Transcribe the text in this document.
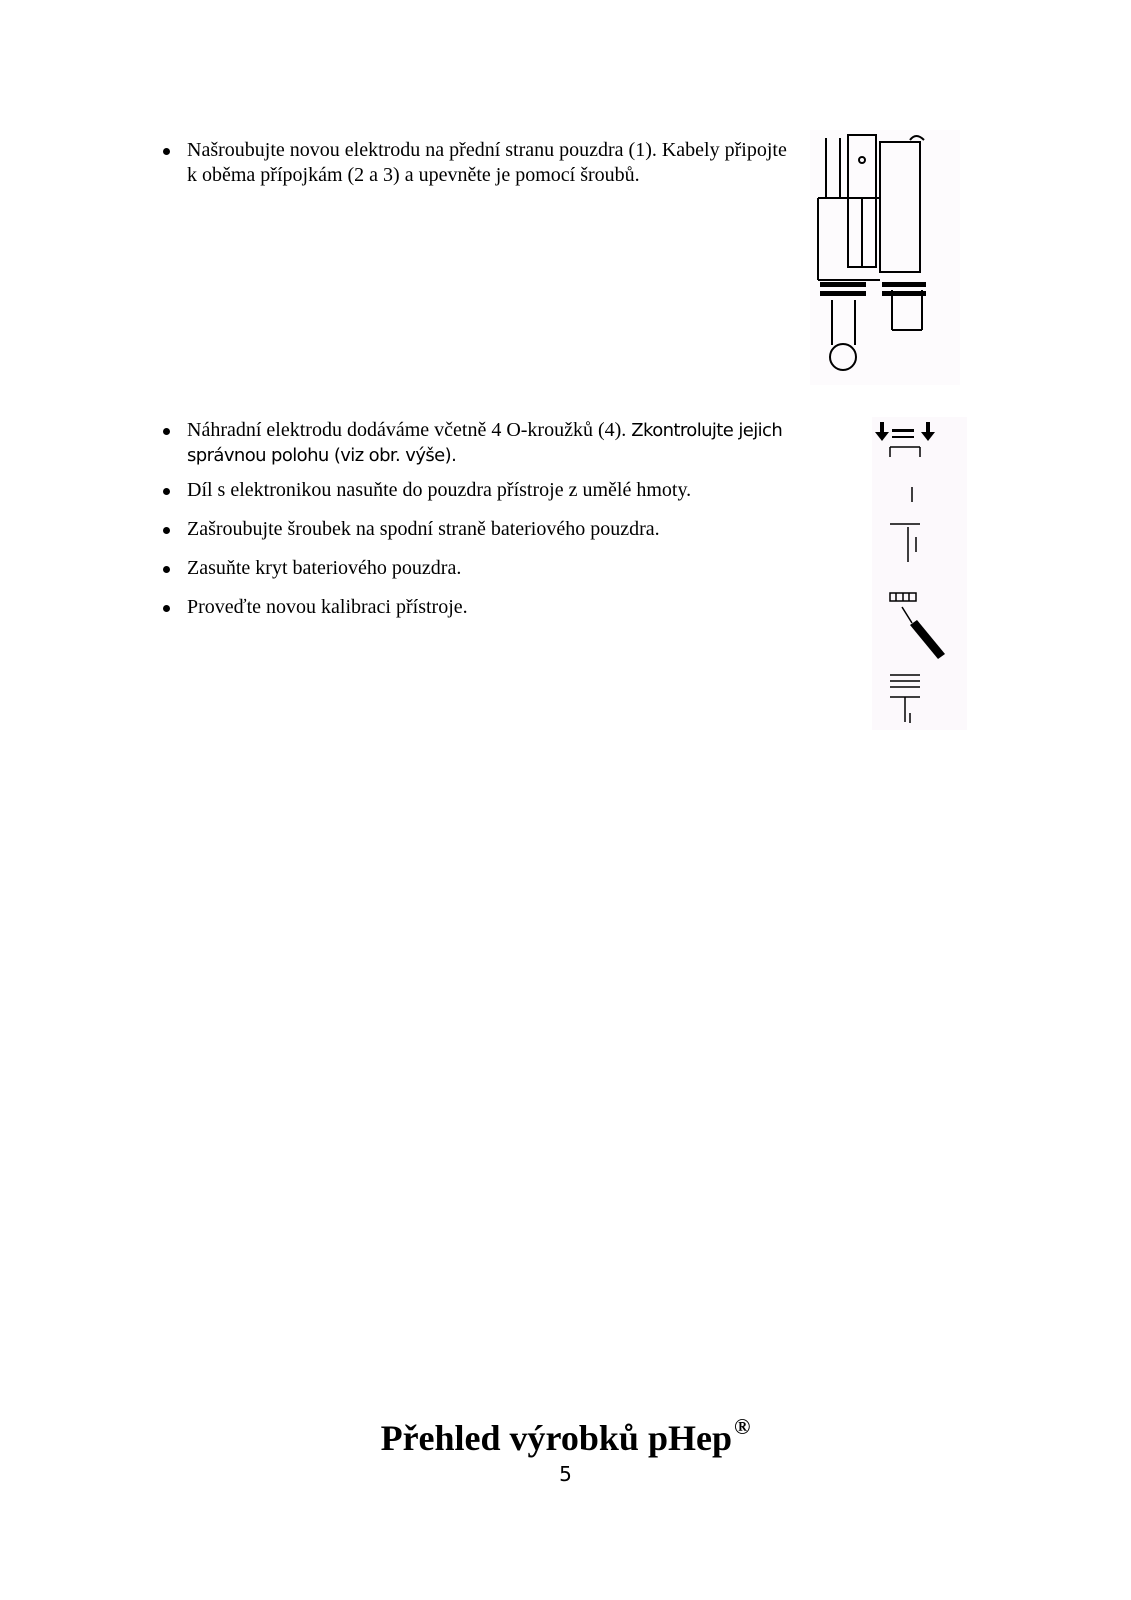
Našroubujte novou elektrodu na přední stranu pouzdra (1). Kabely připojte k oběma přípojkám (2 a 3) a upevněte je pomocí šroubů.
Náhradní elektrodu dodáváme včetně 4 O-kroužků (4). Zkontrolujte jejich správnou polohu (viz obr. výše).
Díl s elektronikou nasuňte do pouzdra přístroje z umělé hmoty.
Zašroubujte šroubek na spodní straně bateriového pouzdra.
Zasuňte kryt bateriového pouzdra.
Proveďte novou kalibraci přístroje.
Přehled výrobků pHep®
5
